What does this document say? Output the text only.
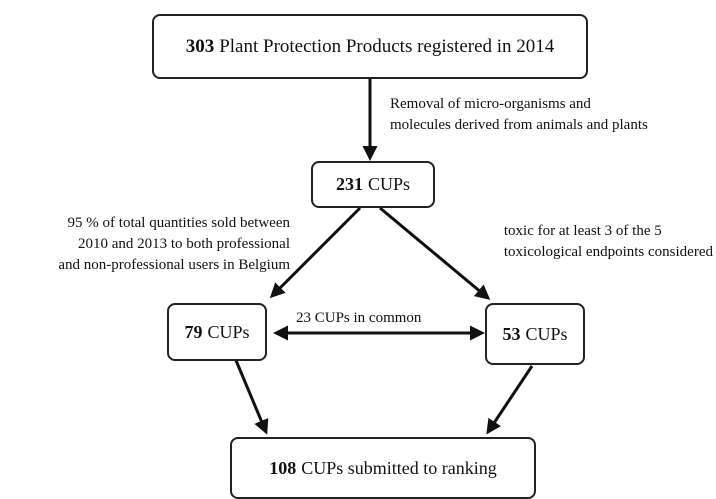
303 Plant Protection Products registered in 2014
231 CUPs
79 CUPs	53 CUPs
108 CUPs submitted to ranking
Removal of micro-organisms and
molecules derived from animals and plants
95 % of total quantities sold between
2010 and 2013 to both professional
and non-professional users in Belgium
toxic for at least 3 of the 5
toxicological endpoints considered
23 CUPs in common
